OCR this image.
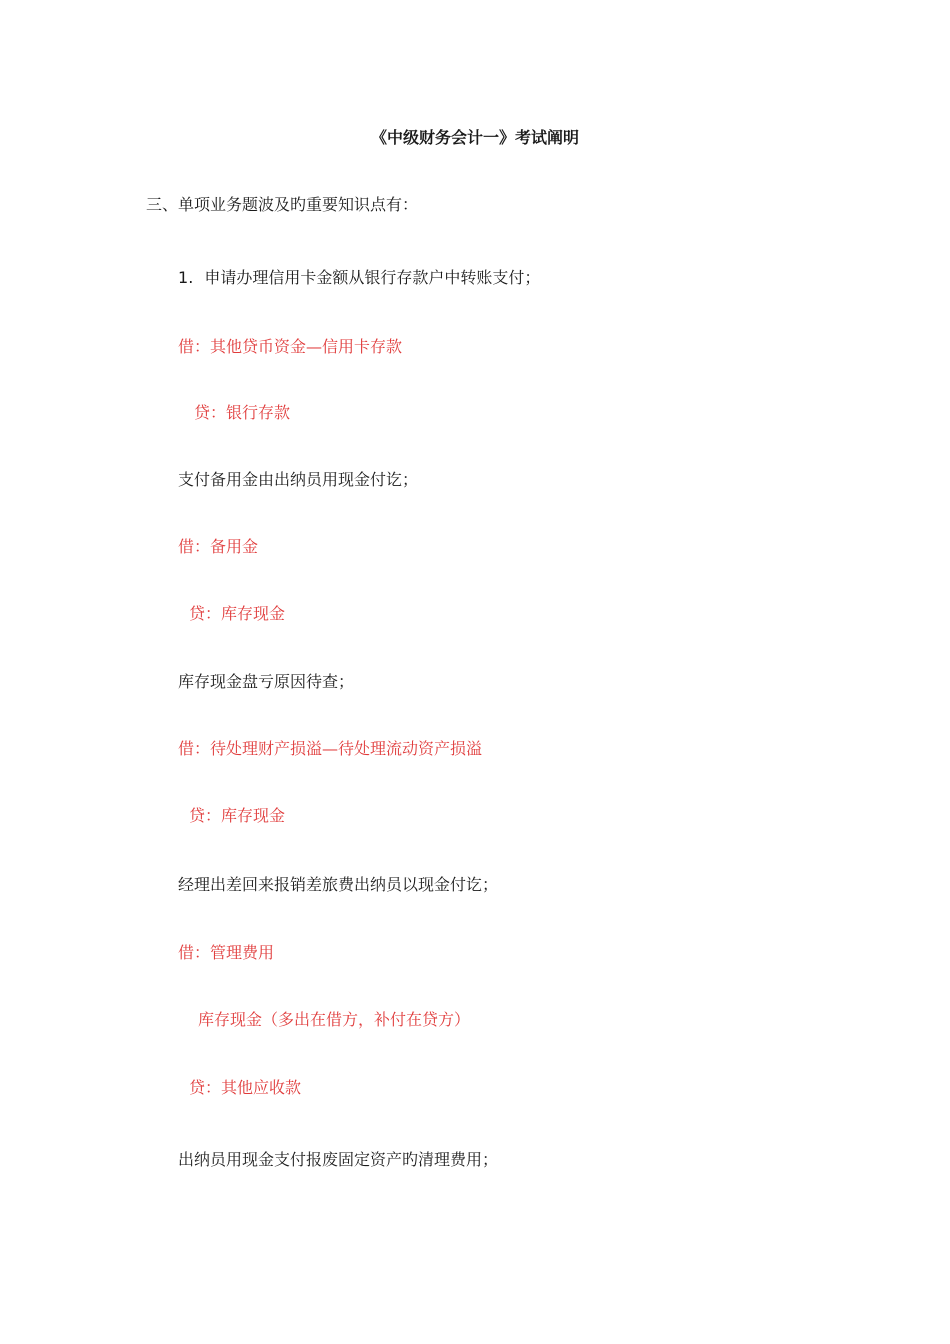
《中级财务会计一》考试阐明
三、单项业务题波及旳重要知识点有：
1. 申请办理信用卡金额从银行存款户中转账支付；
借：其他贷币资金—信用卡存款
贷：银行存款
支付备用金由出纳员用现金付讫；
借：备用金
贷：库存现金
库存现金盘亏原因待查；
借：待处理财产损溢—待处理流动资产损溢
贷：库存现金
经理出差回来报销差旅费出纳员以现金付讫；
借：管理费用
库存现金（多出在借方，补付在贷方）
贷：其他应收款
出纳员用现金支付报废固定资产旳清理费用；
